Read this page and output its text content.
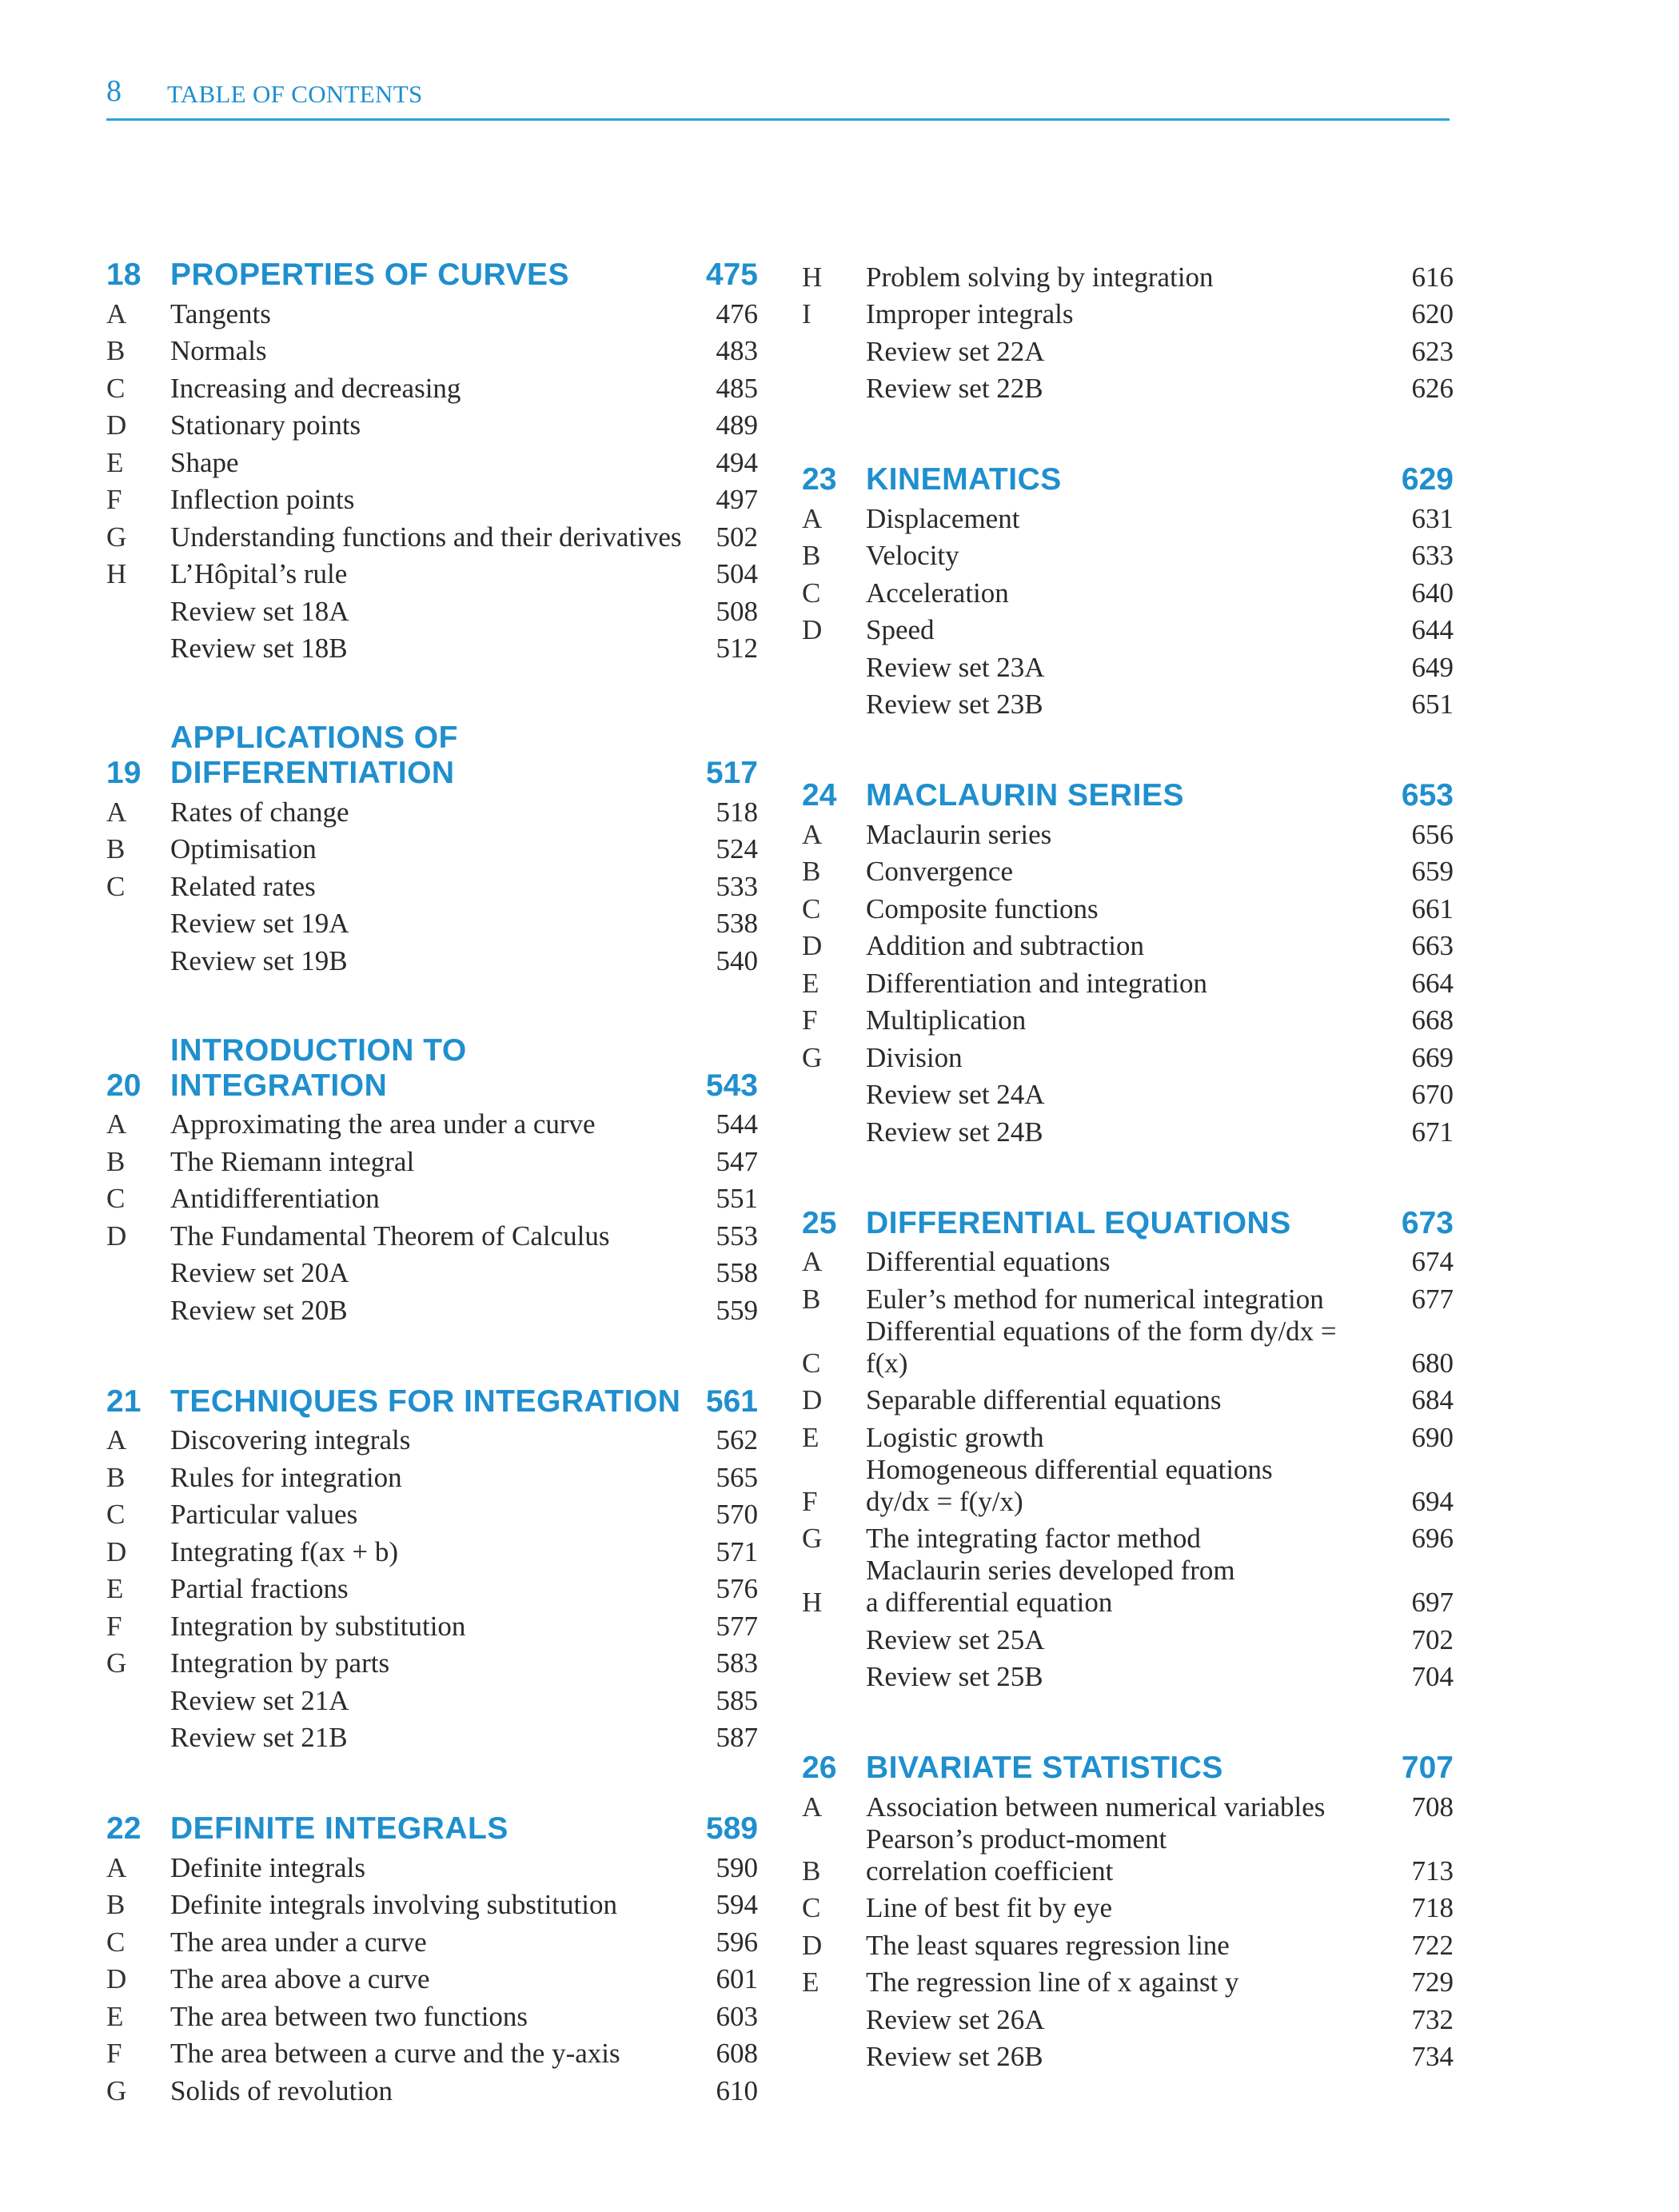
8 TABLE OF CONTENTS
18 PROPERTIES OF CURVES	475
A	Tangents	476
B	Normals	483
C	Increasing and decreasing	485
D	Stationary points	489
E	Shape	494
F	Inflection points	497
G	Understanding functions and their derivatives	502
H	L’Hôpital’s rule	504
Review set 18A	508
Review set 18B	512
19
APPLICATIONS OF
DIFFERENTIATION	517
A	Rates of change	518
B	Optimisation	524
C	Related rates	533
Review set 19A	538
Review set 19B	540
20
INTRODUCTION TO
INTEGRATION	543
A	Approximating the area under a curve	544
B	The Riemann integral	547
C	Antidifferentiation	551
D	The Fundamental Theorem of Calculus	553
Review set 20A	558
Review set 20B	559
21 TECHNIQUES FOR INTEGRATION 561
A	Discovering integrals	562
B	Rules for integration	565
C	Particular values	570
D	Integrating f(ax + b)	571
E	Partial fractions	576
F	Integration by substitution	577
G	Integration by parts	583
Review set 21A	585
Review set 21B	587
22 DEFINITE INTEGRALS	589
A	Definite integrals	590
B	Definite integrals involving substitution	594
C	The area under a curve	596
D	The area above a curve	601
E	The area between two functions	603
F	The area between a curve and the y-axis	608
G	Solids of revolution	610
H	Problem solving by integration	616
I	Improper integrals	620
Review set 22A	623
Review set 22B	626
23 KINEMATICS	629
A	Displacement	631
B	Velocity	633
C	Acceleration	640
D	Speed	644
Review set 23A	649
Review set 23B	651
24 MACLAURIN SERIES	653
A	Maclaurin series	656
B	Convergence	659
C	Composite functions	661
D	Addition and subtraction	663
E	Differentiation and integration	664
F	Multiplication	668
G	Division	669
Review set 24A	670
Review set 24B	671
25 DIFFERENTIAL EQUATIONS	673
A	Differential equations	674
B	Euler’s method for numerical integration	677
C
Differential equations of the form dy/dx = f(x)	680
D	Separable differential equations	684
E	Logistic growth	690
F
Homogeneous differential equations
dy/dx = f(y/x)	694
G	The integrating factor method	696
H
Maclaurin series developed from
a differential equation	697
Review set 25A	702
Review set 25B	704
26 BIVARIATE STATISTICS	707
A	Association between numerical variables	708
B
Pearson’s product-moment
correlation coefficient	713
C	Line of best fit by eye	718
D	The least squares regression line	722
E	The regression line of x against y	729
Review set 26A	732
Review set 26B	734
